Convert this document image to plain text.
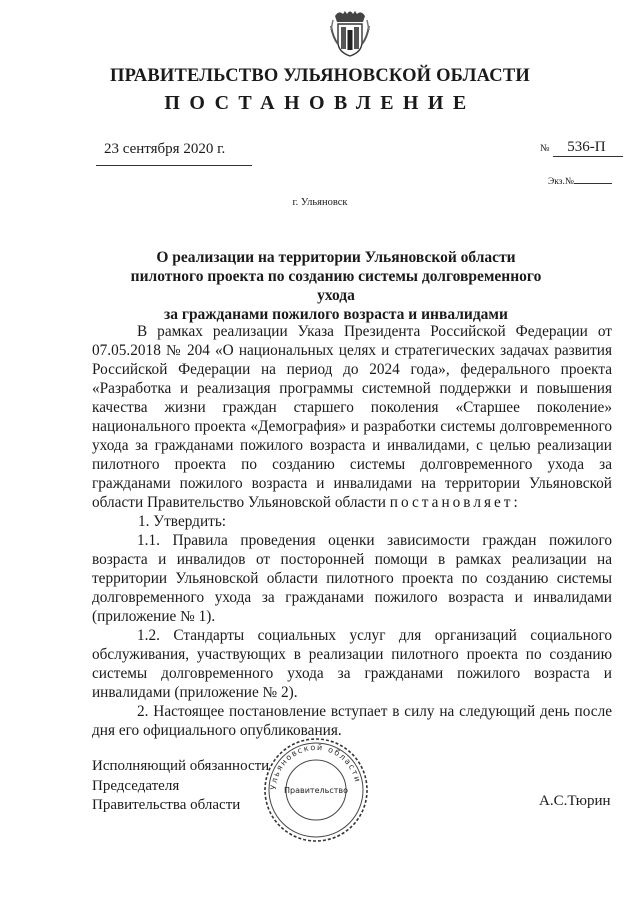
ПРАВИТЕЛЬСТВО УЛЬЯНОВСКОЙ ОБЛАСТИ
ПОСТАНОВЛЕНИЕ
23 сентября 2020 г.	№ 536-П
Экз.№
г. Ульяновск
О реализации на территории Ульяновской области
пилотного проекта по созданию системы долговременного ухода
за гражданами пожилого возраста и инвалидами

В рамках реализации Указа Президента Российской Федерации от 07.05.2018 № 204 «О национальных целях и стратегических задачах развития Российской Федерации на период до 2024 года», федерального проекта «Разработка и реализация программы системной поддержки и повышения качества жизни граждан старшего поколения «Старшее поколение» национального проекта «Демография» и разработки системы долговременного ухода за гражданами пожилого возраста и инвалидами, с целью реализации пилотного проекта по созданию системы долговременного ухода за гражданами пожилого возраста и инвалидами на территории Ульяновской области Правительство Ульяновской области постановляет:

1. Утвердить:

1.1. Правила проведения оценки зависимости граждан пожилого возраста и инвалидов от посторонней помощи в рамках реализации на территории Ульяновской области пилотного проекта по созданию системы долговременного ухода за гражданами пожилого возраста и инвалидами (приложение № 1).

1.2. Стандарты социальных услуг для организаций социального обслуживания, участвующих в реализации пилотного проекта по созданию системы долговременного ухода за гражданами пожилого возраста и инвалидами (приложение № 2).

2. Настоящее постановление вступает в силу на следующий день после дня его официального опубликования.

Исполняющий обязанности
Председателя
Правительства области	А.С.Тюрин
Ульяновской области
Правительство
